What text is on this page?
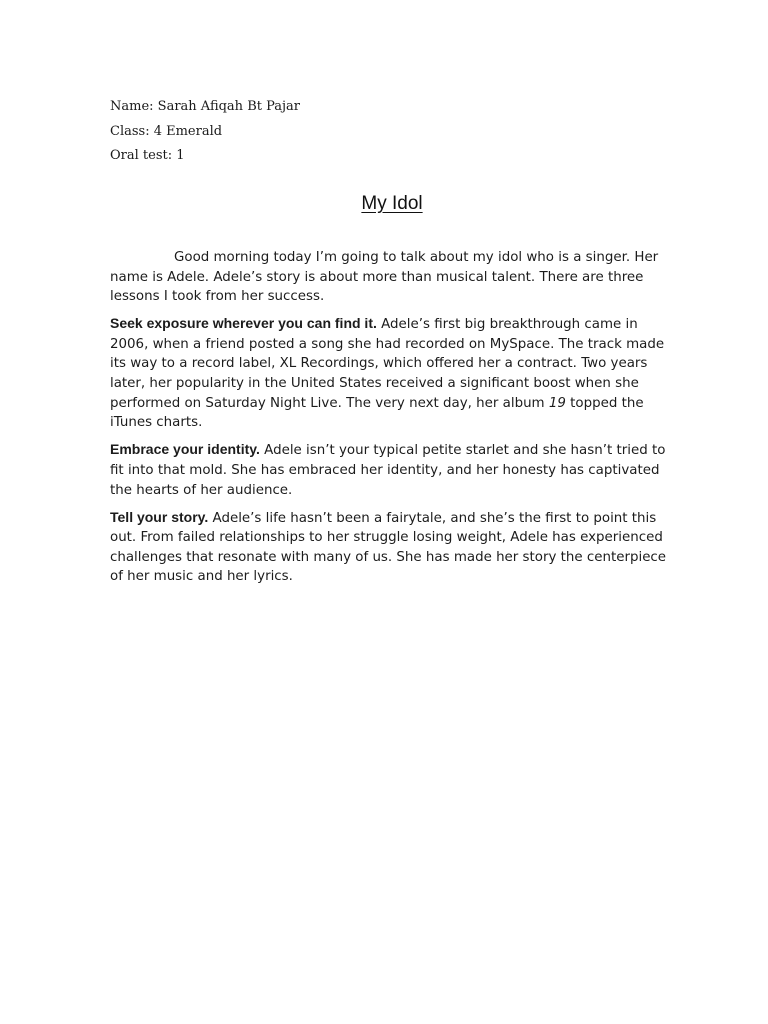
Name: Sarah Afiqah Bt Pajar
Class: 4 Emerald
Oral test: 1
My Idol

Good morning today I’m going to talk about my idol who is a singer. Her name is Adele. Adele’s story is about more than musical talent. There are three lessons I took from her success.

Seek exposure wherever you can find it. Adele’s first big breakthrough came in 2006, when a friend posted a song she had recorded on MySpace. The track made its way to a record label, XL Recordings, which offered her a contract. Two years later, her popularity in the United States received a significant boost when she performed on Saturday Night Live. The very next day, her album 19 topped the iTunes charts.

Embrace your identity. Adele isn’t your typical petite starlet and she hasn’t tried to fit into that mold. She has embraced her identity, and her honesty has captivated the hearts of her audience.

Tell your story. Adele’s life hasn’t been a fairytale, and she’s the first to point this out. From failed relationships to her struggle losing weight, Adele has experienced challenges that resonate with many of us. She has made her story the centerpiece of her music and her lyrics.
